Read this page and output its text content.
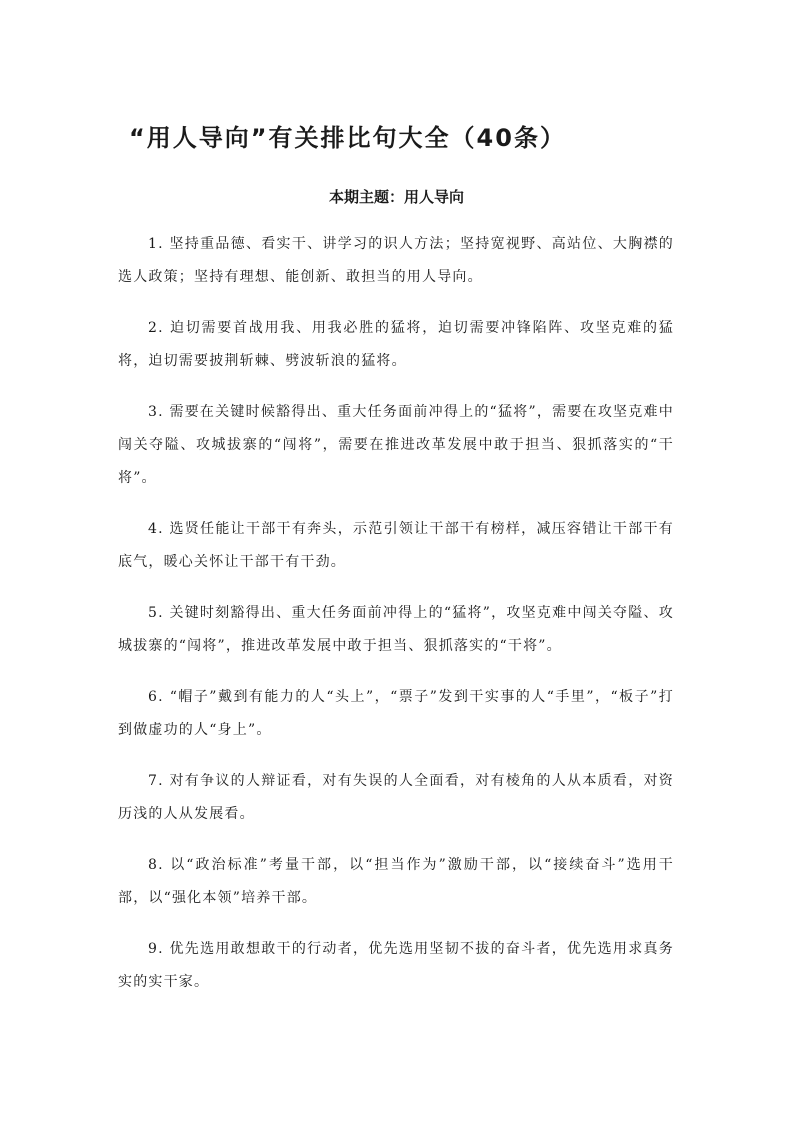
“用人导向”有关排比句大全（40条）

本期主题：用人导向

1. 坚持重品德、看实干、讲学习的识人方法；坚持宽视野、高站位、大胸襟的选人政策；坚持有理想、能创新、敢担当的用人导向。

2. 迫切需要首战用我、用我必胜的猛将，迫切需要冲锋陷阵、攻坚克难的猛将，迫切需要披荆斩棘、劈波斩浪的猛将。

3. 需要在关键时候豁得出、重大任务面前冲得上的“猛将”，需要在攻坚克难中闯关夺隘、攻城拔寨的“闯将”，需要在推进改革发展中敢于担当、狠抓落实的“干将”。

4. 选贤任能让干部干有奔头，示范引领让干部干有榜样，减压容错让干部干有底气，暖心关怀让干部干有干劲。

5. 关键时刻豁得出、重大任务面前冲得上的“猛将”，攻坚克难中闯关夺隘、攻城拔寨的“闯将”，推进改革发展中敢于担当、狠抓落实的“干将”。

6. “帽子”戴到有能力的人“头上”，“票子”发到干实事的人“手里”，“板子”打到做虚功的人“身上”。

7. 对有争议的人辩证看，对有失误的人全面看，对有棱角的人从本质看，对资历浅的人从发展看。

8. 以“政治标准”考量干部，以“担当作为”激励干部，以“接续奋斗”选用干部，以“强化本领”培养干部。

9. 优先选用敢想敢干的行动者，优先选用坚韧不拔的奋斗者，优先选用求真务实的实干家。
